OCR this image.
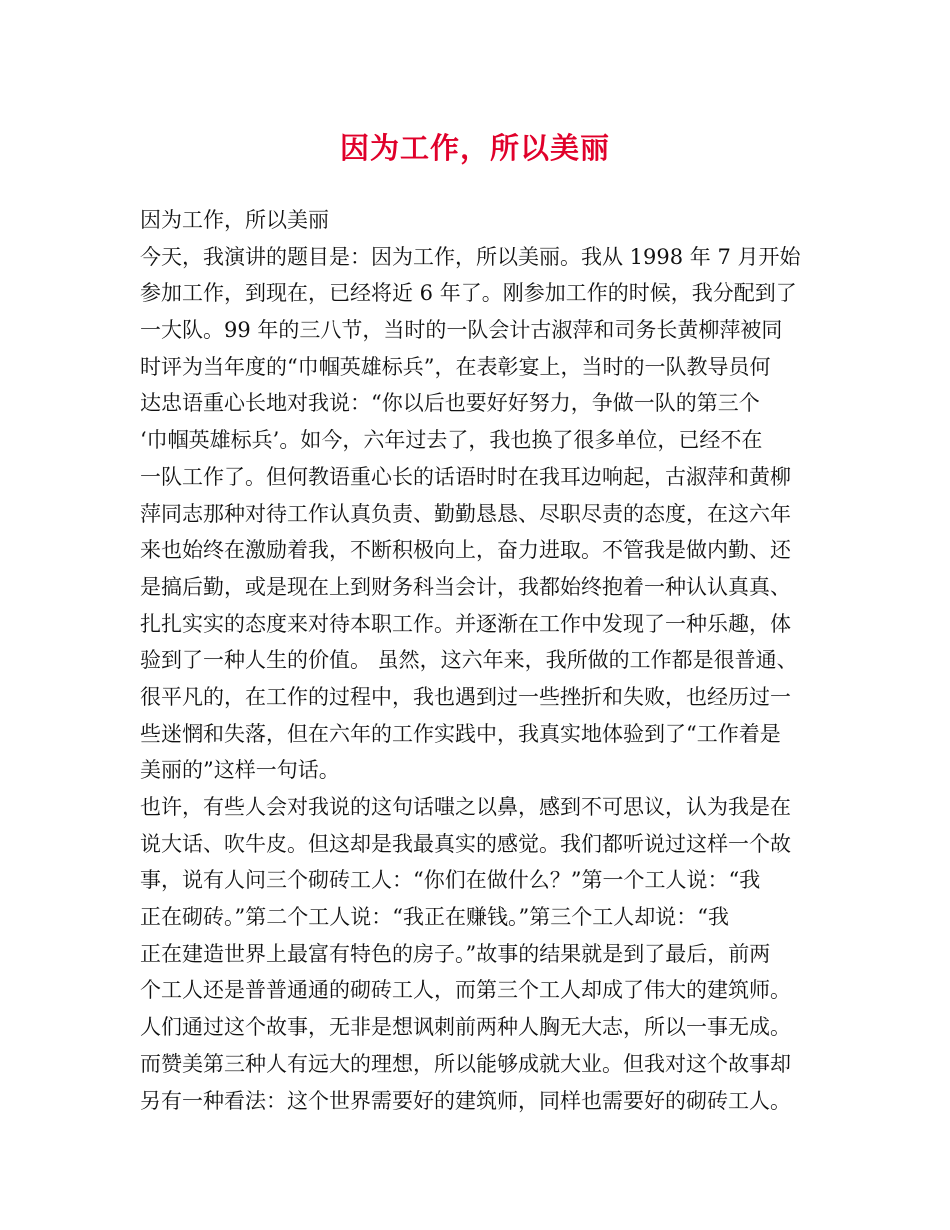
因为工作，所以美丽
因为工作，所以美丽
今天，我演讲的题目是：因为工作，所以美丽。我从 1998 年 7 月开始
参加工作，到现在，已经将近 6 年了。刚参加工作的时候，我分配到了
一大队。99 年的三八节，当时的一队会计古淑萍和司务长黄柳萍被同
时评为当年度的“巾帼英雄标兵”，在表彰宴上，当时的一队教导员何
达忠语重心长地对我说：“你以后也要好好努力，争做一队的第三个
‘巾帼英雄标兵’。如今，六年过去了，我也换了很多单位，已经不在
一队工作了。但何教语重心长的话语时时在我耳边响起，古淑萍和黄柳
萍同志那种对待工作认真负责、勤勤恳恳、尽职尽责的态度，在这六年
来也始终在激励着我，不断积极向上，奋力进取。不管我是做内勤、还
是搞后勤，或是现在上到财务科当会计，我都始终抱着一种认认真真、
扎扎实实的态度来对待本职工作。并逐渐在工作中发现了一种乐趣，体
验到了一种人生的价值。 虽然，这六年来，我所做的工作都是很普通、
很平凡的，在工作的过程中，我也遇到过一些挫折和失败，也经历过一
些迷惘和失落，但在六年的工作实践中，我真实地体验到了“工作着是
美丽的”这样一句话。
也许，有些人会对我说的这句话嗤之以鼻，感到不可思议，认为我是在
说大话、吹牛皮。但这却是我最真实的感觉。我们都听说过这样一个故
事，说有人问三个砌砖工人：“你们在做什么？”第一个工人说：“我
正在砌砖。”第二个工人说：“我正在赚钱。”第三个工人却说：“我
正在建造世界上最富有特色的房子。”故事的结果就是到了最后，前两
个工人还是普普通通的砌砖工人，而第三个工人却成了伟大的建筑师。
人们通过这个故事，无非是想讽刺前两种人胸无大志，所以一事无成。
而赞美第三种人有远大的理想，所以能够成就大业。但我对这个故事却
另有一种看法：这个世界需要好的建筑师，同样也需要好的砌砖工人。
